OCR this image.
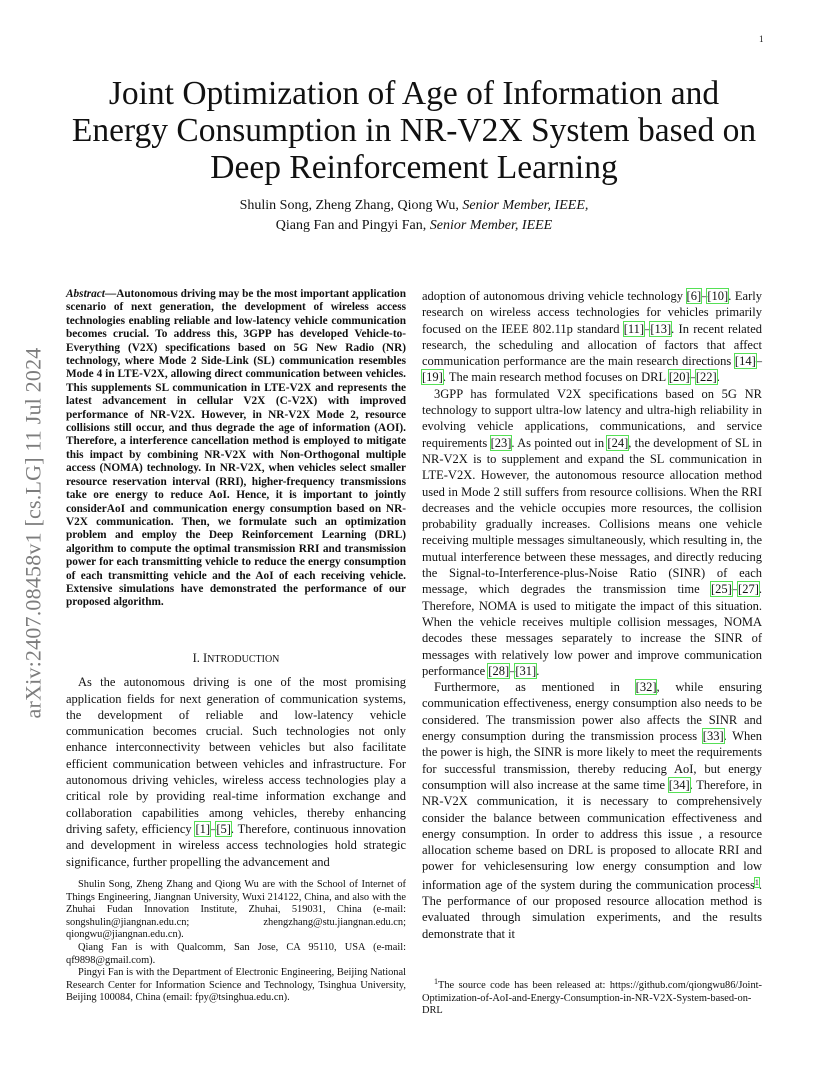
1
arXiv:2407.08458v1 [cs.LG] 11 Jul 2024
Joint Optimization of Age of Information and
Energy Consumption in NR-V2X System based on
Deep Reinforcement Learning
Shulin Song, Zheng Zhang, Qiong Wu, Senior Member, IEEE,
Qiang Fan and Pingyi Fan, Senior Member, IEEE

Abstract—Autonomous driving may be the most important application scenario of next generation, the development of wireless access technologies enabling reliable and low-latency vehicle communication becomes crucial. To address this, 3GPP has developed Vehicle-to-Everything (V2X) specifications based on 5G New Radio (NR) technology, where Mode 2 Side-Link (SL) communication resembles Mode 4 in LTE-V2X, allowing direct communication between vehicles. This supplements SL communication in LTE-V2X and represents the latest advancement in cellular V2X (C-V2X) with improved performance of NR-V2X. However, in NR-V2X Mode 2, resource collisions still occur, and thus degrade the age of information (AOI). Therefore, a interference cancellation method is employed to mitigate this impact by combining NR-V2X with Non-Orthogonal multiple access (NOMA) technology. In NR-V2X, when vehicles select smaller resource reservation interval (RRI), higher-frequency transmissions take ore energy to reduce AoI. Hence, it is important to jointly considerAoI and communication energy consumption based on NR-V2X communication. Then, we formulate such an optimization problem and employ the Deep Reinforcement Learning (DRL) algorithm to compute the optimal transmission RRI and transmission power for each transmitting vehicle to reduce the energy consumption of each transmitting vehicle and the AoI of each receiving vehicle. Extensive simulations have demonstrated the performance of our proposed algorithm.

I. INTRODUCTION

As the autonomous driving is one of the most promising application fields for next generation of communication systems, the development of reliable and low-latency vehicle communication becomes crucial. Such technologies not only enhance interconnectivity between vehicles but also facilitate efficient communication between vehicles and infrastructure. For autonomous driving vehicles, wireless access technologies play a critical role by providing real-time information exchange and collaboration capabilities among vehicles, thereby enhancing driving safety, efficiency [1]–[5]. Therefore, continuous innovation and development in wireless access technologies hold strategic significance, further propelling the advancement and

Shulin Song, Zheng Zhang and Qiong Wu are with the School of Internet of Things Engineering, Jiangnan University, Wuxi 214122, China, and also with the Zhuhai Fudan Innovation Institute, Zhuhai, 519031, China (e-mail: songshulin@jiangnan.edu.cn; zhengzhang@stu.jiangnan.edu.cn; qiongwu@jiangnan.edu.cn).

Qiang Fan is with Qualcomm, San Jose, CA 95110, USA (e-mail: qf9898@gmail.com).

Pingyi Fan is with the Department of Electronic Engineering, Beijing National Research Center for Information Science and Technology, Tsinghua University, Beijing 100084, China (email: fpy@tsinghua.edu.cn).

adoption of autonomous driving vehicle technology [6]–[10]. Early research on wireless access technologies for vehicles primarily focused on the IEEE 802.11p standard [11]–[13]. In recent related research, the scheduling and allocation of factors that affect communication performance are the main research directions [14]–[19]. The main research method focuses on DRL [20]–[22].

3GPP has formulated V2X specifications based on 5G NR technology to support ultra-low latency and ultra-high reliability in evolving vehicle applications, communications, and service requirements [23]. As pointed out in [24], the development of SL in NR-V2X is to supplement and expand the SL communication in LTE-V2X. However, the autonomous resource allocation method used in Mode 2 still suffers from resource collisions. When the RRI decreases and the vehicle occupies more resources, the collision probability gradually increases. Collisions means one vehicle receiving multiple messages simultaneously, which resulting in, the mutual interference between these messages, and directly reducing the Signal-to-Interference-plus-Noise Ratio (SINR) of each message, which degrades the transmission time [25]–[27]. Therefore, NOMA is used to mitigate the impact of this situation. When the vehicle receives multiple collision messages, NOMA decodes these messages separately to increase the SINR of messages with relatively low power and improve communication performance [28]–[31].

Furthermore, as mentioned in [32], while ensuring communication effectiveness, energy consumption also needs to be considered. The transmission power also affects the SINR and energy consumption during the transmission process [33]. When the power is high, the SINR is more likely to meet the requirements for successful transmission, thereby reducing AoI, but energy consumption will also increase at the same time [34]. Therefore, in NR-V2X communication, it is necessary to comprehensively consider the balance between communication effectiveness and energy consumption. In order to address this issue , a resource allocation scheme based on DRL is proposed to allocate RRI and power for vehiclesensuring low energy consumption and low information age of the system during the communication process$^1$. The performance of our proposed resource allocation method is evaluated through simulation experiments, and the results demonstrate that it

$^1$The source code has been released at: https://github.com/qiongwu86/Joint-Optimization-of-AoI-and-Energy-Consumption-in-NR-V2X-System-based-on-DRL
